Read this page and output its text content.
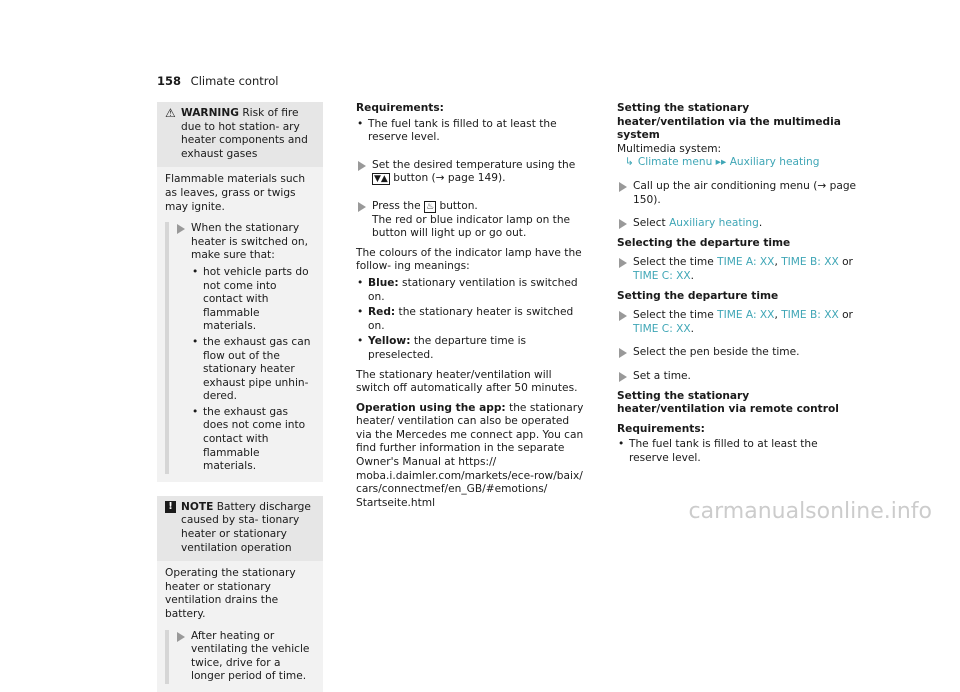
158 Climate control
⚠ WARNING Risk of fire due to hot station- ary heater components and exhaust gases

Flammable materials such as leaves, grass or twigs may ignite.

When the stationary heater is switched on, make sure that:
• hot vehicle parts do not come into contact with flammable materials.
• the exhaust gas can flow out of the stationary heater exhaust pipe unhin- dered.
• the exhaust gas does not come into contact with flammable materials.
! NOTE Battery discharge caused by sta- tionary heater or stationary ventilation operation

Operating the stationary heater or stationary ventilation drains the battery.

After heating or ventilating the vehicle twice, drive for a longer period of time.

Requirements:

• The fuel tank is filled to at least the reserve level.
Set the desired temperature using the ▼▲ button (→ page 149).
Press the ♨ button.

The red or blue indicator lamp on the button will light up or go out.

The colours of the indicator lamp have the follow- ing meanings:

• Blue: stationary ventilation is switched on.
• Red: the stationary heater is switched on.
• Yellow: the departure time is preselected.

The stationary heater/ventilation will switch off automatically after 50 minutes.

Operation using the app: the stationary heater/ ventilation can also be operated via the Mercedes me connect app. You can find further information in the separate Owner's Manual at https:// moba.i.daimler.com/markets/ece-row/baix/ cars/connectmef/en_GB/#emotions/ Startseite.html

Setting the stationary heater/ventilation via the multimedia system

Multimedia system:

↳ Climate menu ▸▸ Auxiliary heating

Call up the air conditioning menu (→ page 150).
Select Auxiliary heating.

Selecting the departure time

Select the time TIME A: XX, TIME B: XX or
TIME C: XX.

Setting the departure time

Select the time TIME A: XX, TIME B: XX or
TIME C: XX.
Select the pen beside the time.
Set a time.

Setting the stationary heater/ventilation via remote control

Requirements:

• The fuel tank is filled to at least the reserve level.
carmanualsonline.info
